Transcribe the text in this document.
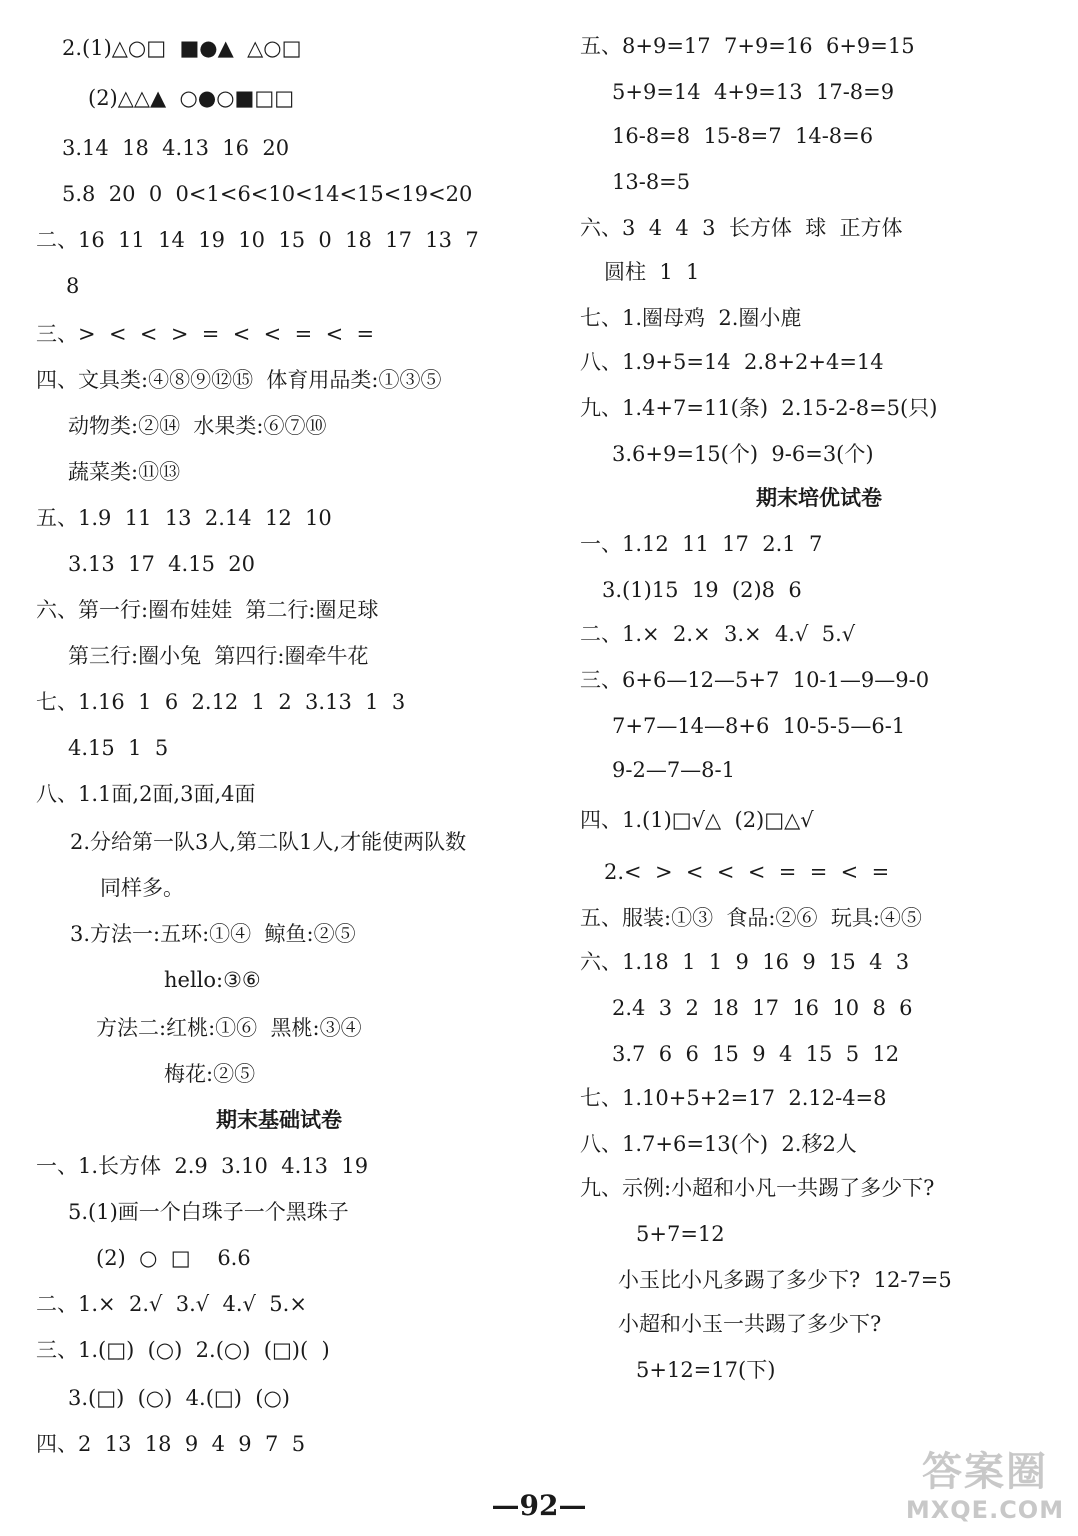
2.(1)△○□  ■●▲  △○□
(2)△△▲  ○●○■□□
3.14  18  4.13  16  20
5.8  20  0  0<1<6<10<14<15<19<20
二、16  11  14  19  10  15  0  18  17  13  7
8
三、>  <  <  >  =  <  <  =  <  =
四、文具类:④⑧⑨⑫⑮  体育用品类:①③⑤
动物类:②⑭  水果类:⑥⑦⑩
蔬菜类:⑪⑬
五、1.9  11  13  2.14  12  10
3.13  17  4.15  20
六、第一行:圈布娃娃  第二行:圈足球
第三行:圈小兔  第四行:圈牵牛花
七、1.16  1  6  2.12  1  2  3.13  1  3
4.15  1  5
八、1.1面,2面,3面,4面
2.分给第一队3人,第二队1人,才能使两队数
同样多。
3.方法一:五环:①④  鲸鱼:②⑤
hello:③⑥
方法二:红桃:①⑥  黑桃:③④
梅花:②⑤
期末基础试卷
一、1.长方体  2.9  3.10  4.13  19
5.(1)画一个白珠子一个黑珠子
(2)  ○  □    6.6
二、1.×  2.√  3.√  4.√  5.×
三、1.(□)  (○)  2.(○)  (□)(  )
3.(□)  (○)  4.(□)  (○)
四、2  13  18  9  4  9  7  5
五、8+9=17  7+9=16  6+9=15
5+9=14  4+9=13  17-8=9
16-8=8  15-8=7  14-8=6
13-8=5
六、3  4  4  3  长方体  球  正方体
圆柱  1  1
七、1.圈母鸡  2.圈小鹿
八、1.9+5=14  2.8+2+4=14
九、1.4+7=11(条)  2.15-2-8=5(只)
3.6+9=15(个)  9-6=3(个)
期末培优试卷
一、1.12  11  17  2.1  7
3.(1)15  19  (2)8  6
二、1.×  2.×  3.×  4.√  5.√
三、6+6—12—5+7  10-1—9—9-0
7+7—14—8+6  10-5-5—6-1
9-2—7—8-1
四、1.(1)□√△  (2)□△√
2.<  >  <  <  <  =  =  <  =
五、服装:①③  食品:②⑥  玩具:④⑤
六、1.18  1  1  9  16  9  15  4  3
2.4  3  2  18  17  16  10  8  6
3.7  6  6  15  9  4  15  5  12
七、1.10+5+2=17  2.12-4=8
八、1.7+6=13(个)  2.移2人
九、示例:小超和小凡一共踢了多少下?
5+7=12
小玉比小凡多踢了多少下?  12-7=5
小超和小玉一共踢了多少下?
5+12=17(下)
—92—
答案圈
MXQE.COM
